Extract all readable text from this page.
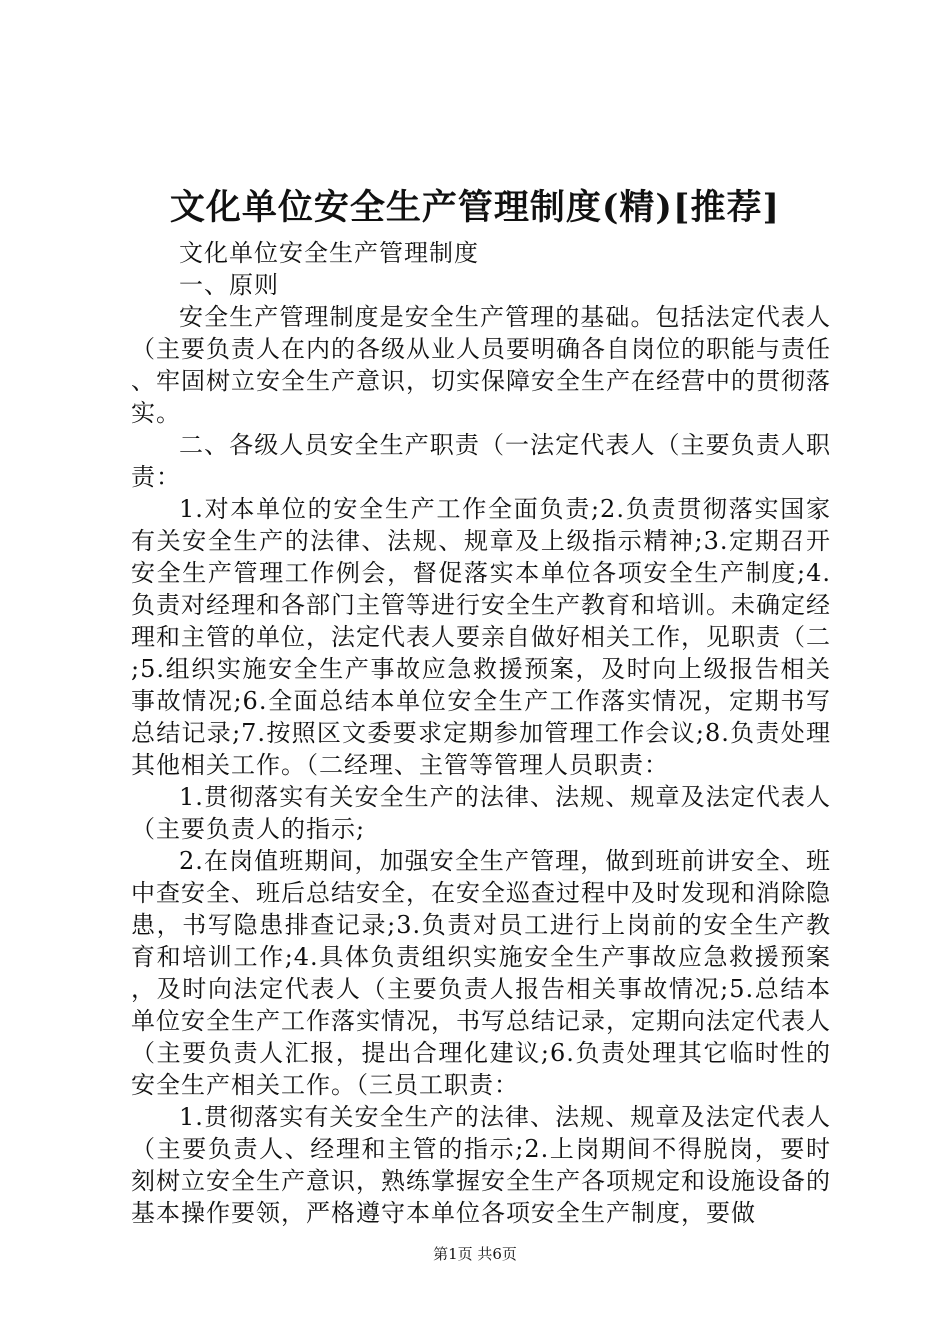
文化单位安全生产管理制度(精)[推荐]

文化单位安全生产管理制度

一、原则

安全生产管理制度是安全生产管理的基础。包括法定代表人（主要负责人在内的各级从业人员要明确各自岗位的职能与责任、牢固树立安全生产意识，切实保障安全生产在经营中的贯彻落实。

二、各级人员安全生产职责（一法定代表人（主要负责人职责：

1.对本单位的安全生产工作全面负责;2.负责贯彻落实国家有关安全生产的法律、法规、规章及上级指示精神;3.定期召开安全生产管理工作例会，督促落实本单位各项安全生产制度;4.负责对经理和各部门主管等进行安全生产教育和培训。未确定经理和主管的单位，法定代表人要亲自做好相关工作，见职责（二;5.组织实施安全生产事故应急救援预案，及时向上级报告相关事故情况;6.全面总结本单位安全生产工作落实情况，定期书写总结记录;7.按照区文委要求定期参加管理工作会议;8.负责处理其他相关工作。（二经理、主管等管理人员职责：

1.贯彻落实有关安全生产的法律、法规、规章及法定代表人（主要负责人的指示;

2.在岗值班期间，加强安全生产管理，做到班前讲安全、班中查安全、班后总结安全，在安全巡查过程中及时发现和消除隐患，书写隐患排查记录;3.负责对员工进行上岗前的安全生产教育和培训工作;4.具体负责组织实施安全生产事故应急救援预案，及时向法定代表人（主要负责人报告相关事故情况;5.总结本单位安全生产工作落实情况，书写总结记录，定期向法定代表人（主要负责人汇报，提出合理化建议;6.负责处理其它临时性的安全生产相关工作。（三员工职责：

1.贯彻落实有关安全生产的法律、法规、规章及法定代表人（主要负责人、经理和主管的指示;2.上岗期间不得脱岗，要时刻树立安全生产意识，熟练掌握安全生产各项规定和设施设备的基本操作要领，严格遵守本单位各项安全生产制度，要做

第1页 共6页
